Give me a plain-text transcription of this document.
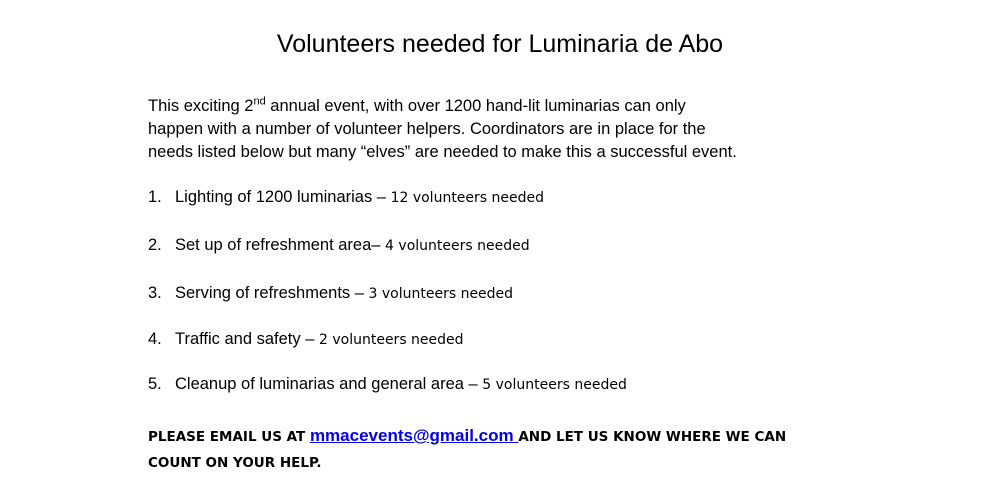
Volunteers needed for Luminaria de Abo
This exciting 2nd annual event, with over 1200 hand-lit luminarias can only
happen with a number of volunteer helpers. Coordinators are in place for the
needs listed below but many “elves” are needed to make this a successful event.
1. Lighting of 1200 luminarias – 12 volunteers needed
2. Set up of refreshment area– 4 volunteers needed
3. Serving of refreshments – 3 volunteers needed
4. Traffic and safety – 2 volunteers needed
5. Cleanup of luminarias and general area – 5 volunteers needed
PLEASE EMAIL US AT mmacevents@gmail.com AND LET US KNOW WHERE WE CAN
COUNT ON YOUR HELP.
